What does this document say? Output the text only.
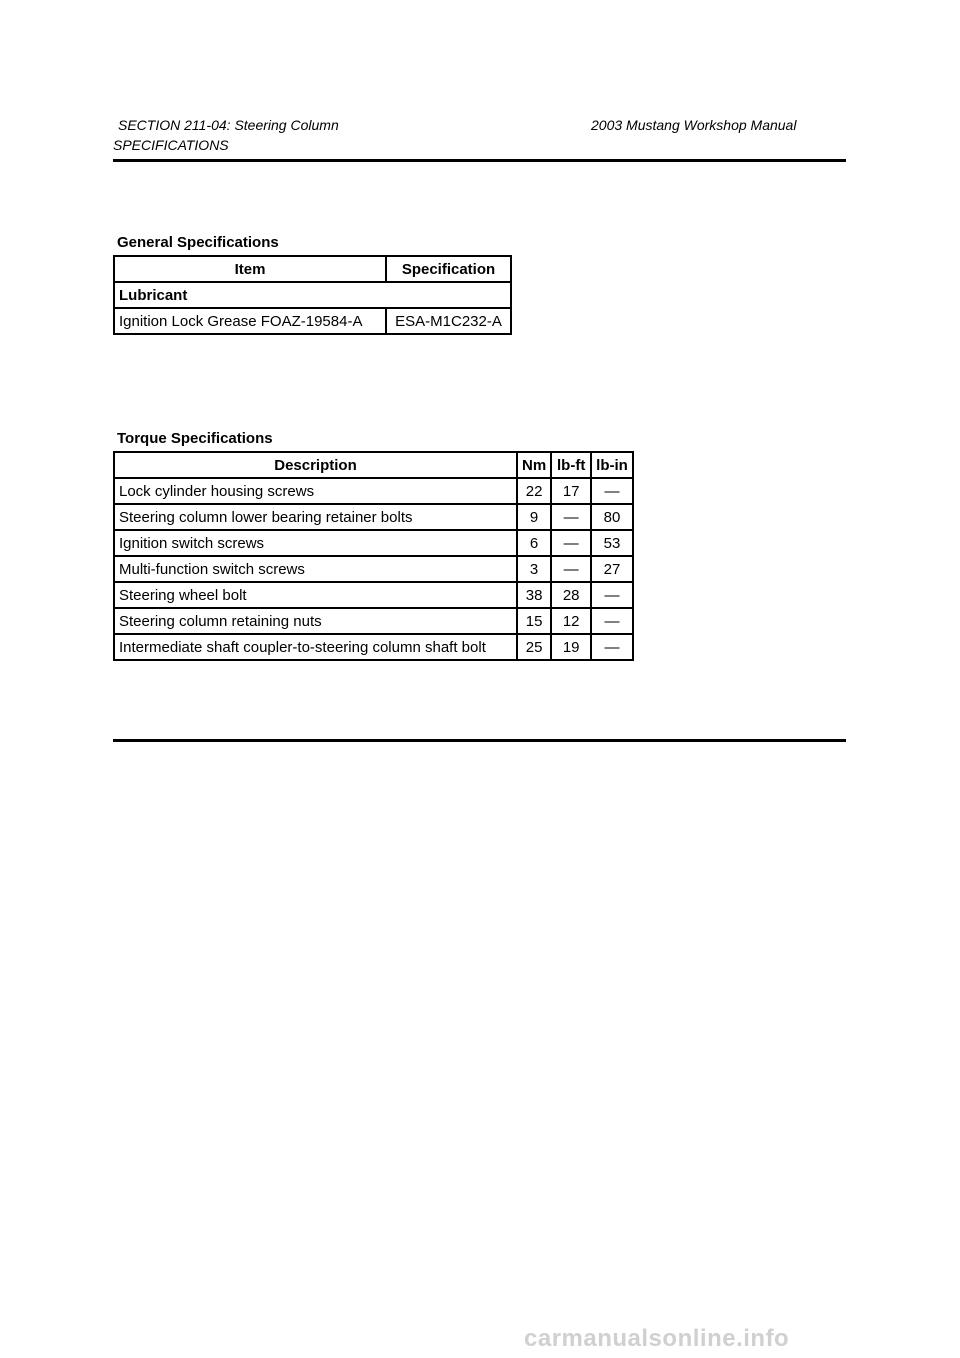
SECTION 211-04: Steering Column	2003 Mustang Workshop Manual
SPECIFICATIONS
General Specifications
Item	Specification
Lubricant	
Ignition Lock Grease FOAZ-19584-A	ESA-M1C232-A
Torque Specifications
Description	Nm	lb-ft	lb-in
Lock cylinder housing screws	22	17	—
Steering column lower bearing retainer bolts	9	—	80
Ignition switch screws	6	—	53
Multi-function switch screws	3	—	27
Steering wheel bolt	38	28	—
Steering column retaining nuts	15	12	—
Intermediate shaft coupler-to-steering column shaft bolt	25	19	—
carmanualsonline.info
